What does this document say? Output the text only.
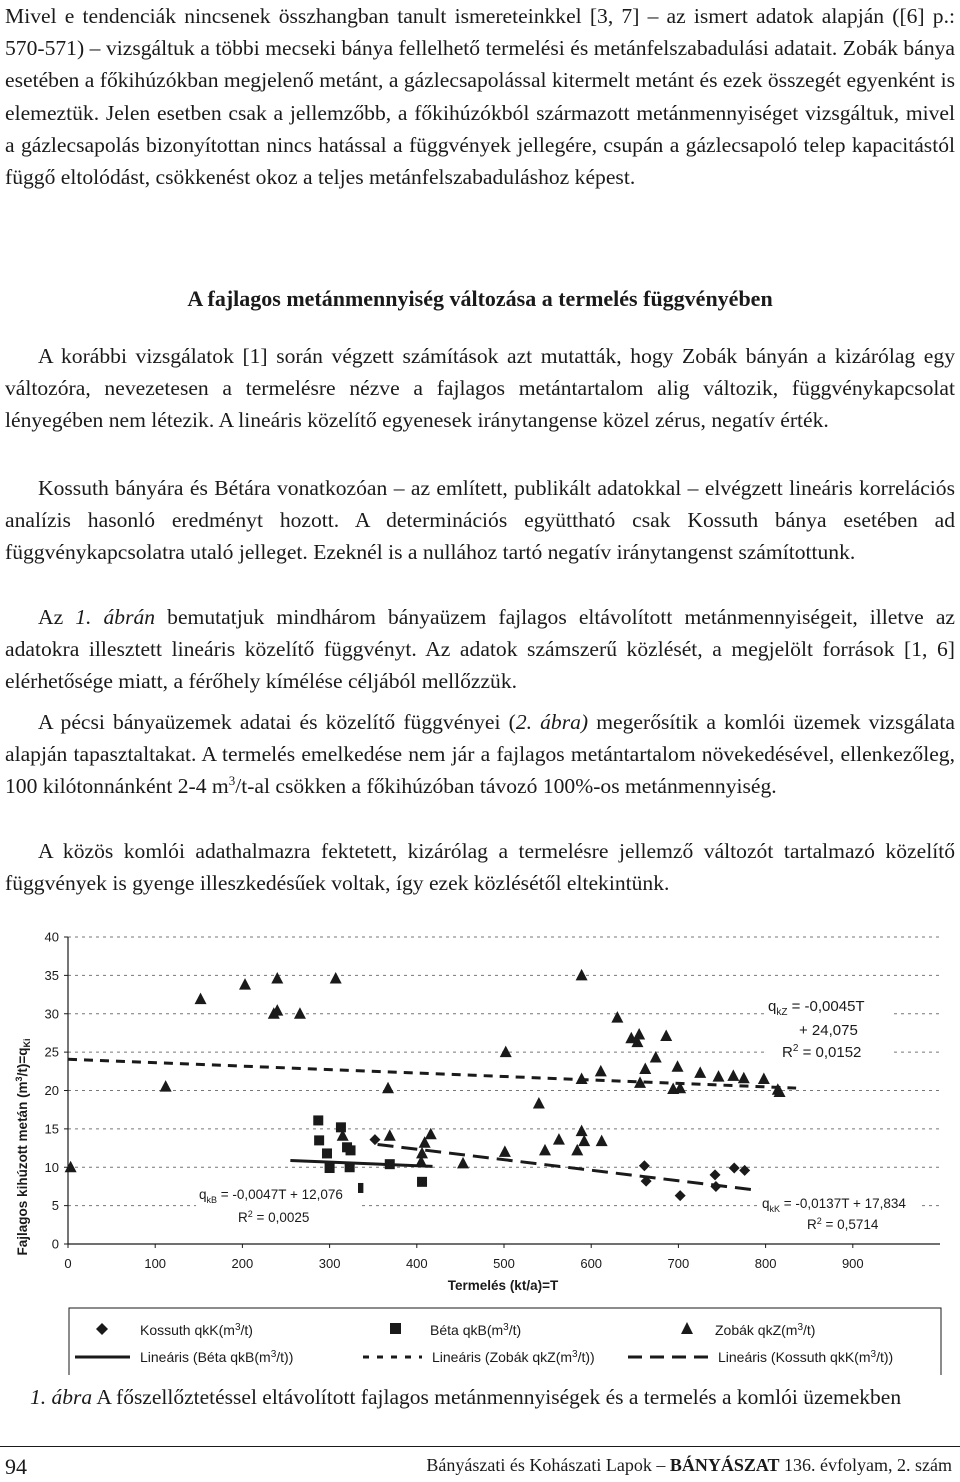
Mivel e tendenciák nincsenek összhangban tanult ismereteinkkel [3, 7] – az ismert adatok alapján ([6] p.: 570-571) – vizsgáltuk a többi mecseki bánya fellelhető termelési és metánfelszabadulási adatait. Zobák bánya esetében a főkihúzókban megjelenő metánt, a gázlecsapolással kitermelt metánt és ezek összegét egyenként is elemeztük. Jelen esetben csak a jellemzőbb, a főkihúzókból származott metánmennyiséget vizsgáltuk, mivel a gázlecsapolás bizonyítottan nincs hatással a függvények jellegére, csupán a gázlecsapoló telep kapacitástól függő eltolódást, csökkenést okoz a teljes metánfelszabaduláshoz képest.

A fajlagos metánmennyiség változása a termelés függvényében

A korábbi vizsgálatok [1] során végzett számítások azt mutatták, hogy Zobák bányán a kizárólag egy változóra, nevezetesen a termelésre nézve a fajlagos metántartalom alig változik, függvénykapcsolat lényegében nem létezik. A lineáris közelítő egyenesek iránytangense közel zérus, negatív érték.

Kossuth bányára és Bétára vonatkozóan – az említett, publikált adatokkal – elvégzett lineáris korrelációs analízis hasonló eredményt hozott. A determinációs együttható csak Kossuth bánya esetében ad függvénykapcsolatra utaló jelleget. Ezeknél is a nullához tartó negatív iránytangenst számítottunk.

Az 1. ábrán bemutatjuk mindhárom bányaüzem fajlagos eltávolított metánmennyiségeit, illetve az adatokra illesztett lineáris közelítő függvényt. Az adatok számszerű közlését, a megjelölt források [1, 6] elérhetősége miatt, a férőhely kímélése céljából mellőzzük.

A pécsi bányaüzemek adatai és közelítő függvényei (2. ábra) megerősítik a komlói üzemek vizsgálata alapján tapasztaltakat. A termelés emelkedése nem jár a fajlagos metántartalom növekedésével, ellenkezőleg, 100 kilótonnánként 2-4 $m^3/t-al$ csökken a főkihúzóban távozó 100%-os metánmennyiség.

A közös komlói adathalmazra fektetett, kizárólag a termelésre jellemző változót tartalmazó közelítő függvények is gyenge illeszkedésűek voltak, így ezek közlésétől eltekintünk.

0
5
10
15
20
25
30
35
40
0	100	200	300	400	500	600	700	800	900
Fajlagos kihúzott metán $(m^3/t)=q_{Ki}$
Termelés (kt/a)=T
$q_{kZ} = -0,0045T$
+ 24,075
$R^2 = 0,0152$
$q_{kB} = -0,0047T + 12,076$
$R^2 = 0,0025$
$q_{kK} = -0,0137T + 17,834$
$R^2 = 0,5714$
Kossuth $qkK(m^3/t)$	Béta $qkB(m^3/t)$	Zobák $qkZ(m^3/t)$
Lineáris (Béta $qkB(m^3/t)$)	Lineáris (Zobák $qkZ(m^3/t)$)	Lineáris (Kossuth $qkK(m^3/t)$)

1. ábra A főszellőztetéssel eltávolított fajlagos metánmennyiségek és a termelés a komlói üzemekben

94	Bányászati és Kohászati Lapok – BÁNYÁSZAT 136. évfolyam, 2. szám
